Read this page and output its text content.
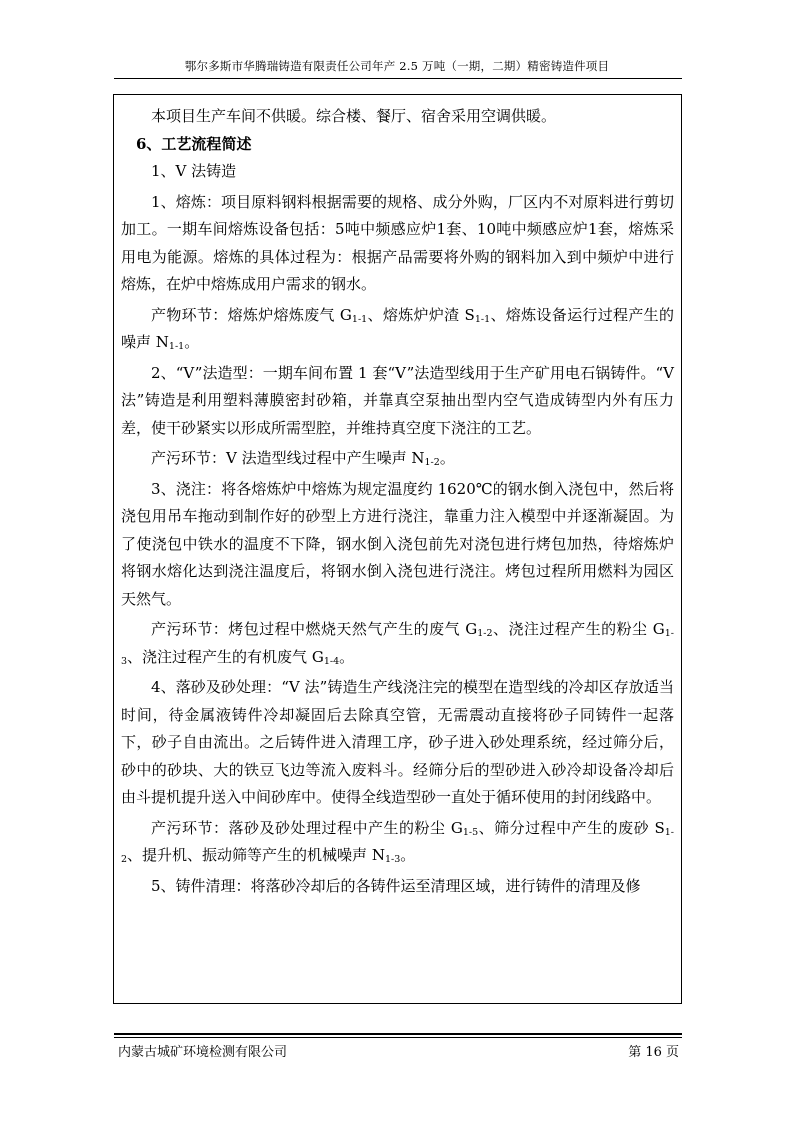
鄂尔多斯市华腾瑞铸造有限责任公司年产 2.5 万吨（一期，二期）精密铸造件项目

本项目生产车间不供暖。综合楼、餐厅、宿舍采用空调供暖。

6、工艺流程简述

1、V 法铸造

1、熔炼：项目原料钢料根据需要的规格、成分外购，厂区内不对原料进行剪切加工。一期车间熔炼设备包括：5吨中频感应炉1套、10吨中频感应炉1套，熔炼采用电为能源。熔炼的具体过程为：根据产品需要将外购的钢料加入到中频炉中进行熔炼，在炉中熔炼成用户需求的钢水。

产物环节：熔炼炉熔炼废气 $G_{1-1}$、熔炼炉炉渣 $S_{1-1}$、熔炼设备运行过程产生的噪声 $N_{1-1}$。

2、“V”法造型：一期车间布置 1 套“V”法造型线用于生产矿用电石锅铸件。“V 法”铸造是利用塑料薄膜密封砂箱，并靠真空泵抽出型内空气造成铸型内外有压力差，使干砂紧实以形成所需型腔，并维持真空度下浇注的工艺。

产污环节：V 法造型线过程中产生噪声 $N_{1-2}$。

3、浇注：将各熔炼炉中熔炼为规定温度约 1620℃的钢水倒入浇包中，然后将浇包用吊车拖动到制作好的砂型上方进行浇注，靠重力注入模型中并逐渐凝固。为了使浇包中铁水的温度不下降，钢水倒入浇包前先对浇包进行烤包加热，待熔炼炉将钢水熔化达到浇注温度后，将钢水倒入浇包进行浇注。烤包过程所用燃料为园区天然气。

产污环节：烤包过程中燃烧天然气产生的废气 $G_{1-2}$、浇注过程产生的粉尘 $G_{1-3}$、浇注过程产生的有机废气 $G_{1-4}$。

4、落砂及砂处理：“V 法”铸造生产线浇注完的模型在造型线的冷却区存放适当时间，待金属液铸件冷却凝固后去除真空管，无需震动直接将砂子同铸件一起落下，砂子自由流出。之后铸件进入清理工序，砂子进入砂处理系统，经过筛分后，砂中的砂块、大的铁豆飞边等流入废料斗。经筛分后的型砂进入砂冷却设备冷却后由斗提机提升送入中间砂库中。使得全线造型砂一直处于循环使用的封闭线路中。

产污环节：落砂及砂处理过程中产生的粉尘 $G_{1-5}$、筛分过程中产生的废砂 $S_{1-2}$、提升机、振动筛等产生的机械噪声 $N_{1-3}$。

5、铸件清理：将落砂冷却后的各铸件运至清理区域，进行铸件的清理及修

内蒙古城矿环境检测有限公司	第 16 页
